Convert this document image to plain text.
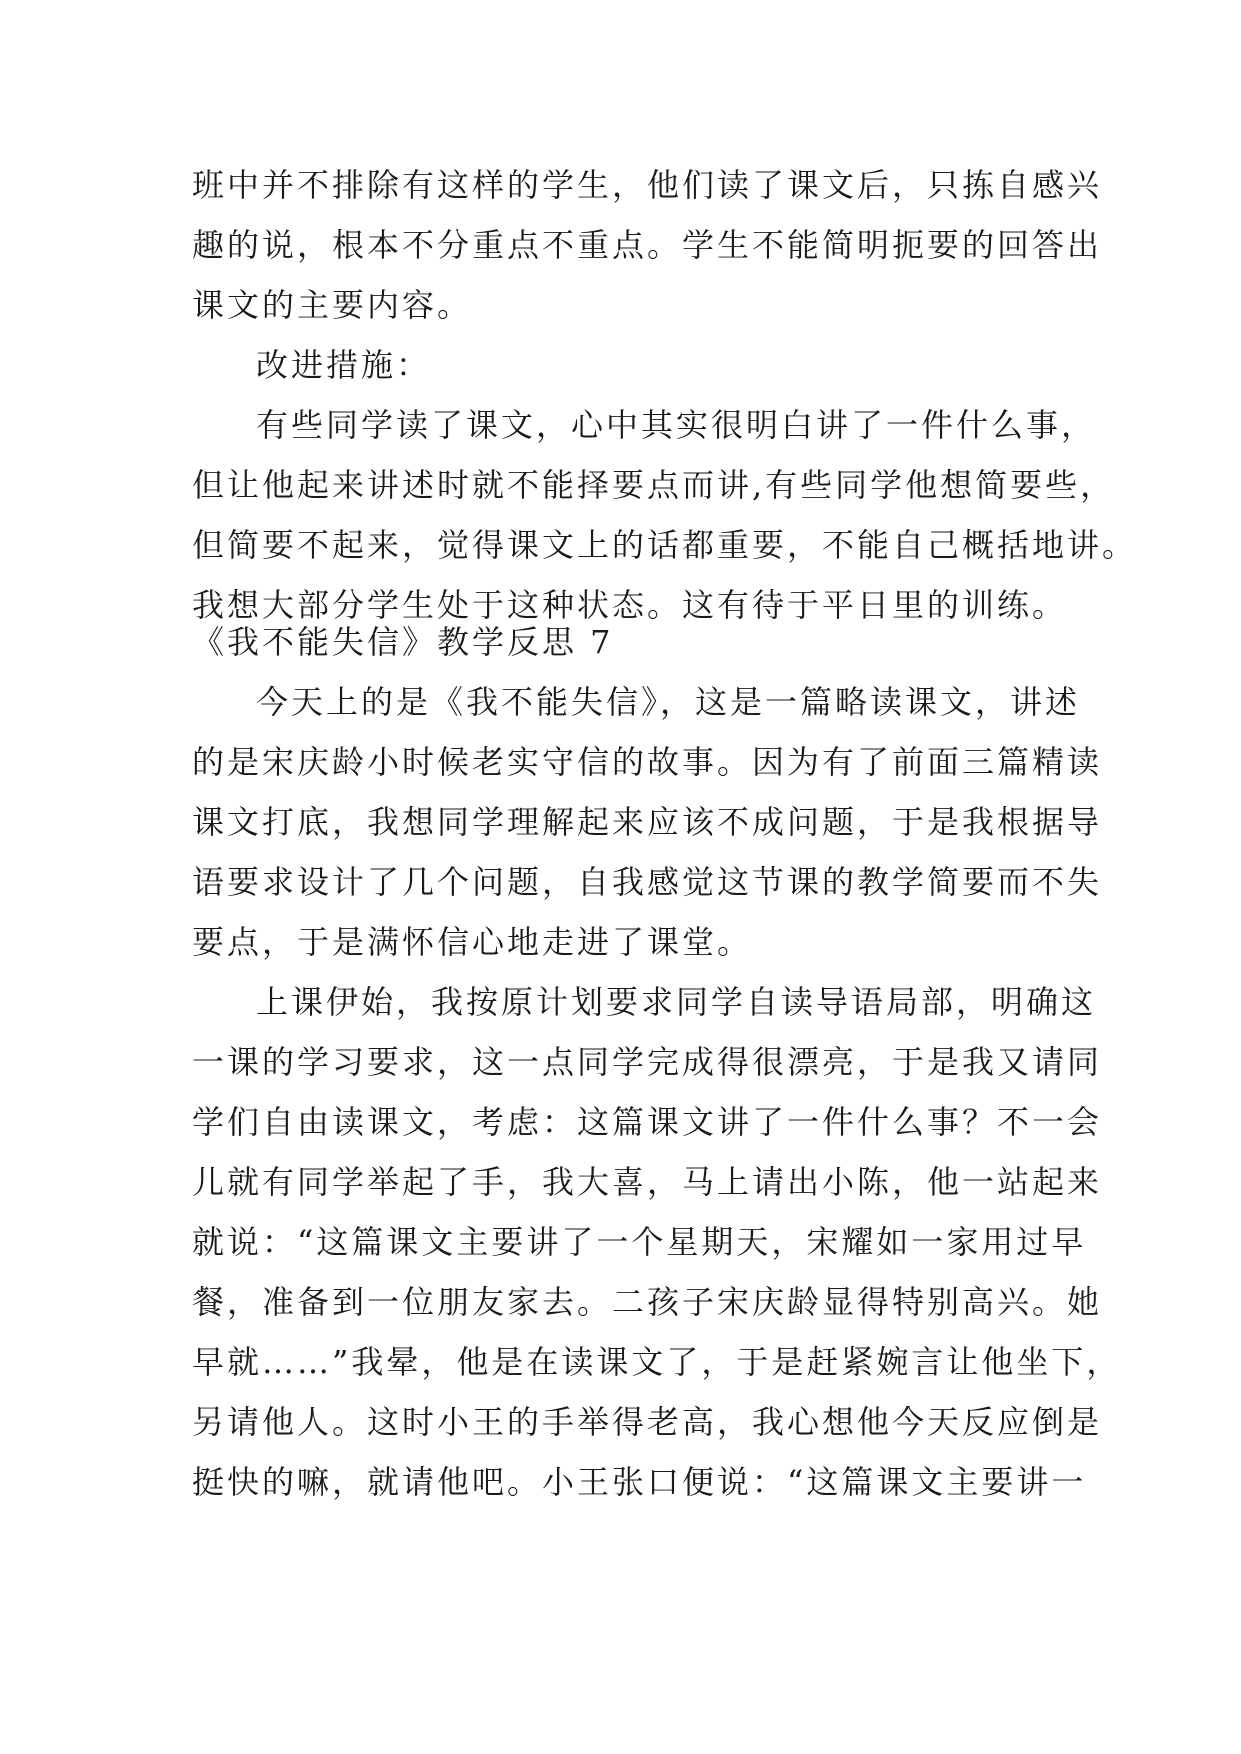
班中并不排除有这样的学生，他们读了课文后，只拣自感兴
趣的说，根本不分重点不重点。学生不能简明扼要的回答出
课文的主要内容。
改进措施：
有些同学读了课文，心中其实很明白讲了一件什么事，
但让他起来讲述时就不能择要点而讲,有些同学他想简要些，
但简要不起来，觉得课文上的话都重要，不能自己概括地讲。
我想大部分学生处于这种状态。这有待于平日里的训练。
《我不能失信》教学反思 7
今天上的是《我不能失信》，这是一篇略读课文，讲述
的是宋庆龄小时候老实守信的故事。因为有了前面三篇精读
课文打底，我想同学理解起来应该不成问题，于是我根据导
语要求设计了几个问题，自我感觉这节课的教学简要而不失
要点，于是满怀信心地走进了课堂。
上课伊始，我按原计划要求同学自读导语局部，明确这
一课的学习要求，这一点同学完成得很漂亮，于是我又请同
学们自由读课文，考虑：这篇课文讲了一件什么事？不一会
儿就有同学举起了手，我大喜，马上请出小陈，他一站起来
就说：“这篇课文主要讲了一个星期天，宋耀如一家用过早
餐，准备到一位朋友家去。二孩子宋庆龄显得特别高兴。她
早就……”我晕，他是在读课文了，于是赶紧婉言让他坐下，
另请他人。这时小王的手举得老高，我心想他今天反应倒是
挺快的嘛，就请他吧。小王张口便说：“这篇课文主要讲一
